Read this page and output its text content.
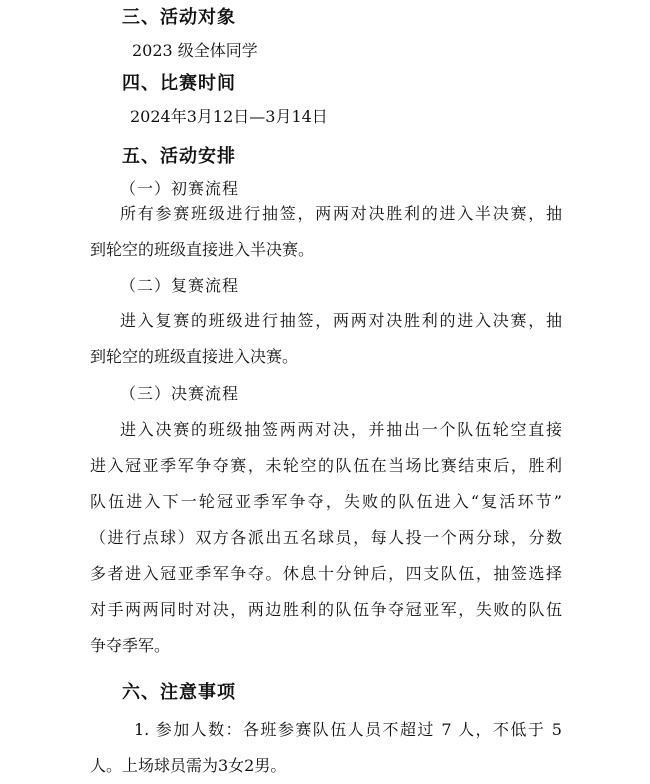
三、活动对象
2023 级全体同学
四、比赛时间
2024年3月12日—3月14日
五、活动安排
（一）初赛流程
所有参赛班级进行抽签，两两对决胜利的进入半决赛，抽
到轮空的班级直接进入半决赛。
（二）复赛流程
进入复赛的班级进行抽签，两两对决胜利的进入决赛，抽
到轮空的班级直接进入决赛。
（三）决赛流程
进入决赛的班级抽签两两对决，并抽出一个队伍轮空直接
进入冠亚季军争夺赛，未轮空的队伍在当场比赛结束后，胜利
队伍进入下一轮冠亚季军争夺，失败的队伍进入“复活环节”
（进行点球）双方各派出五名球员，每人投一个两分球，分数
多者进入冠亚季军争夺。休息十分钟后，四支队伍，抽签选择
对手两两同时对决，两边胜利的队伍争夺冠亚军，失败的队伍
争夺季军。
六、注意事项
1. 参加人数：各班参赛队伍人员不超过 7 人，不低于 5
人。上场球员需为3女2男。
